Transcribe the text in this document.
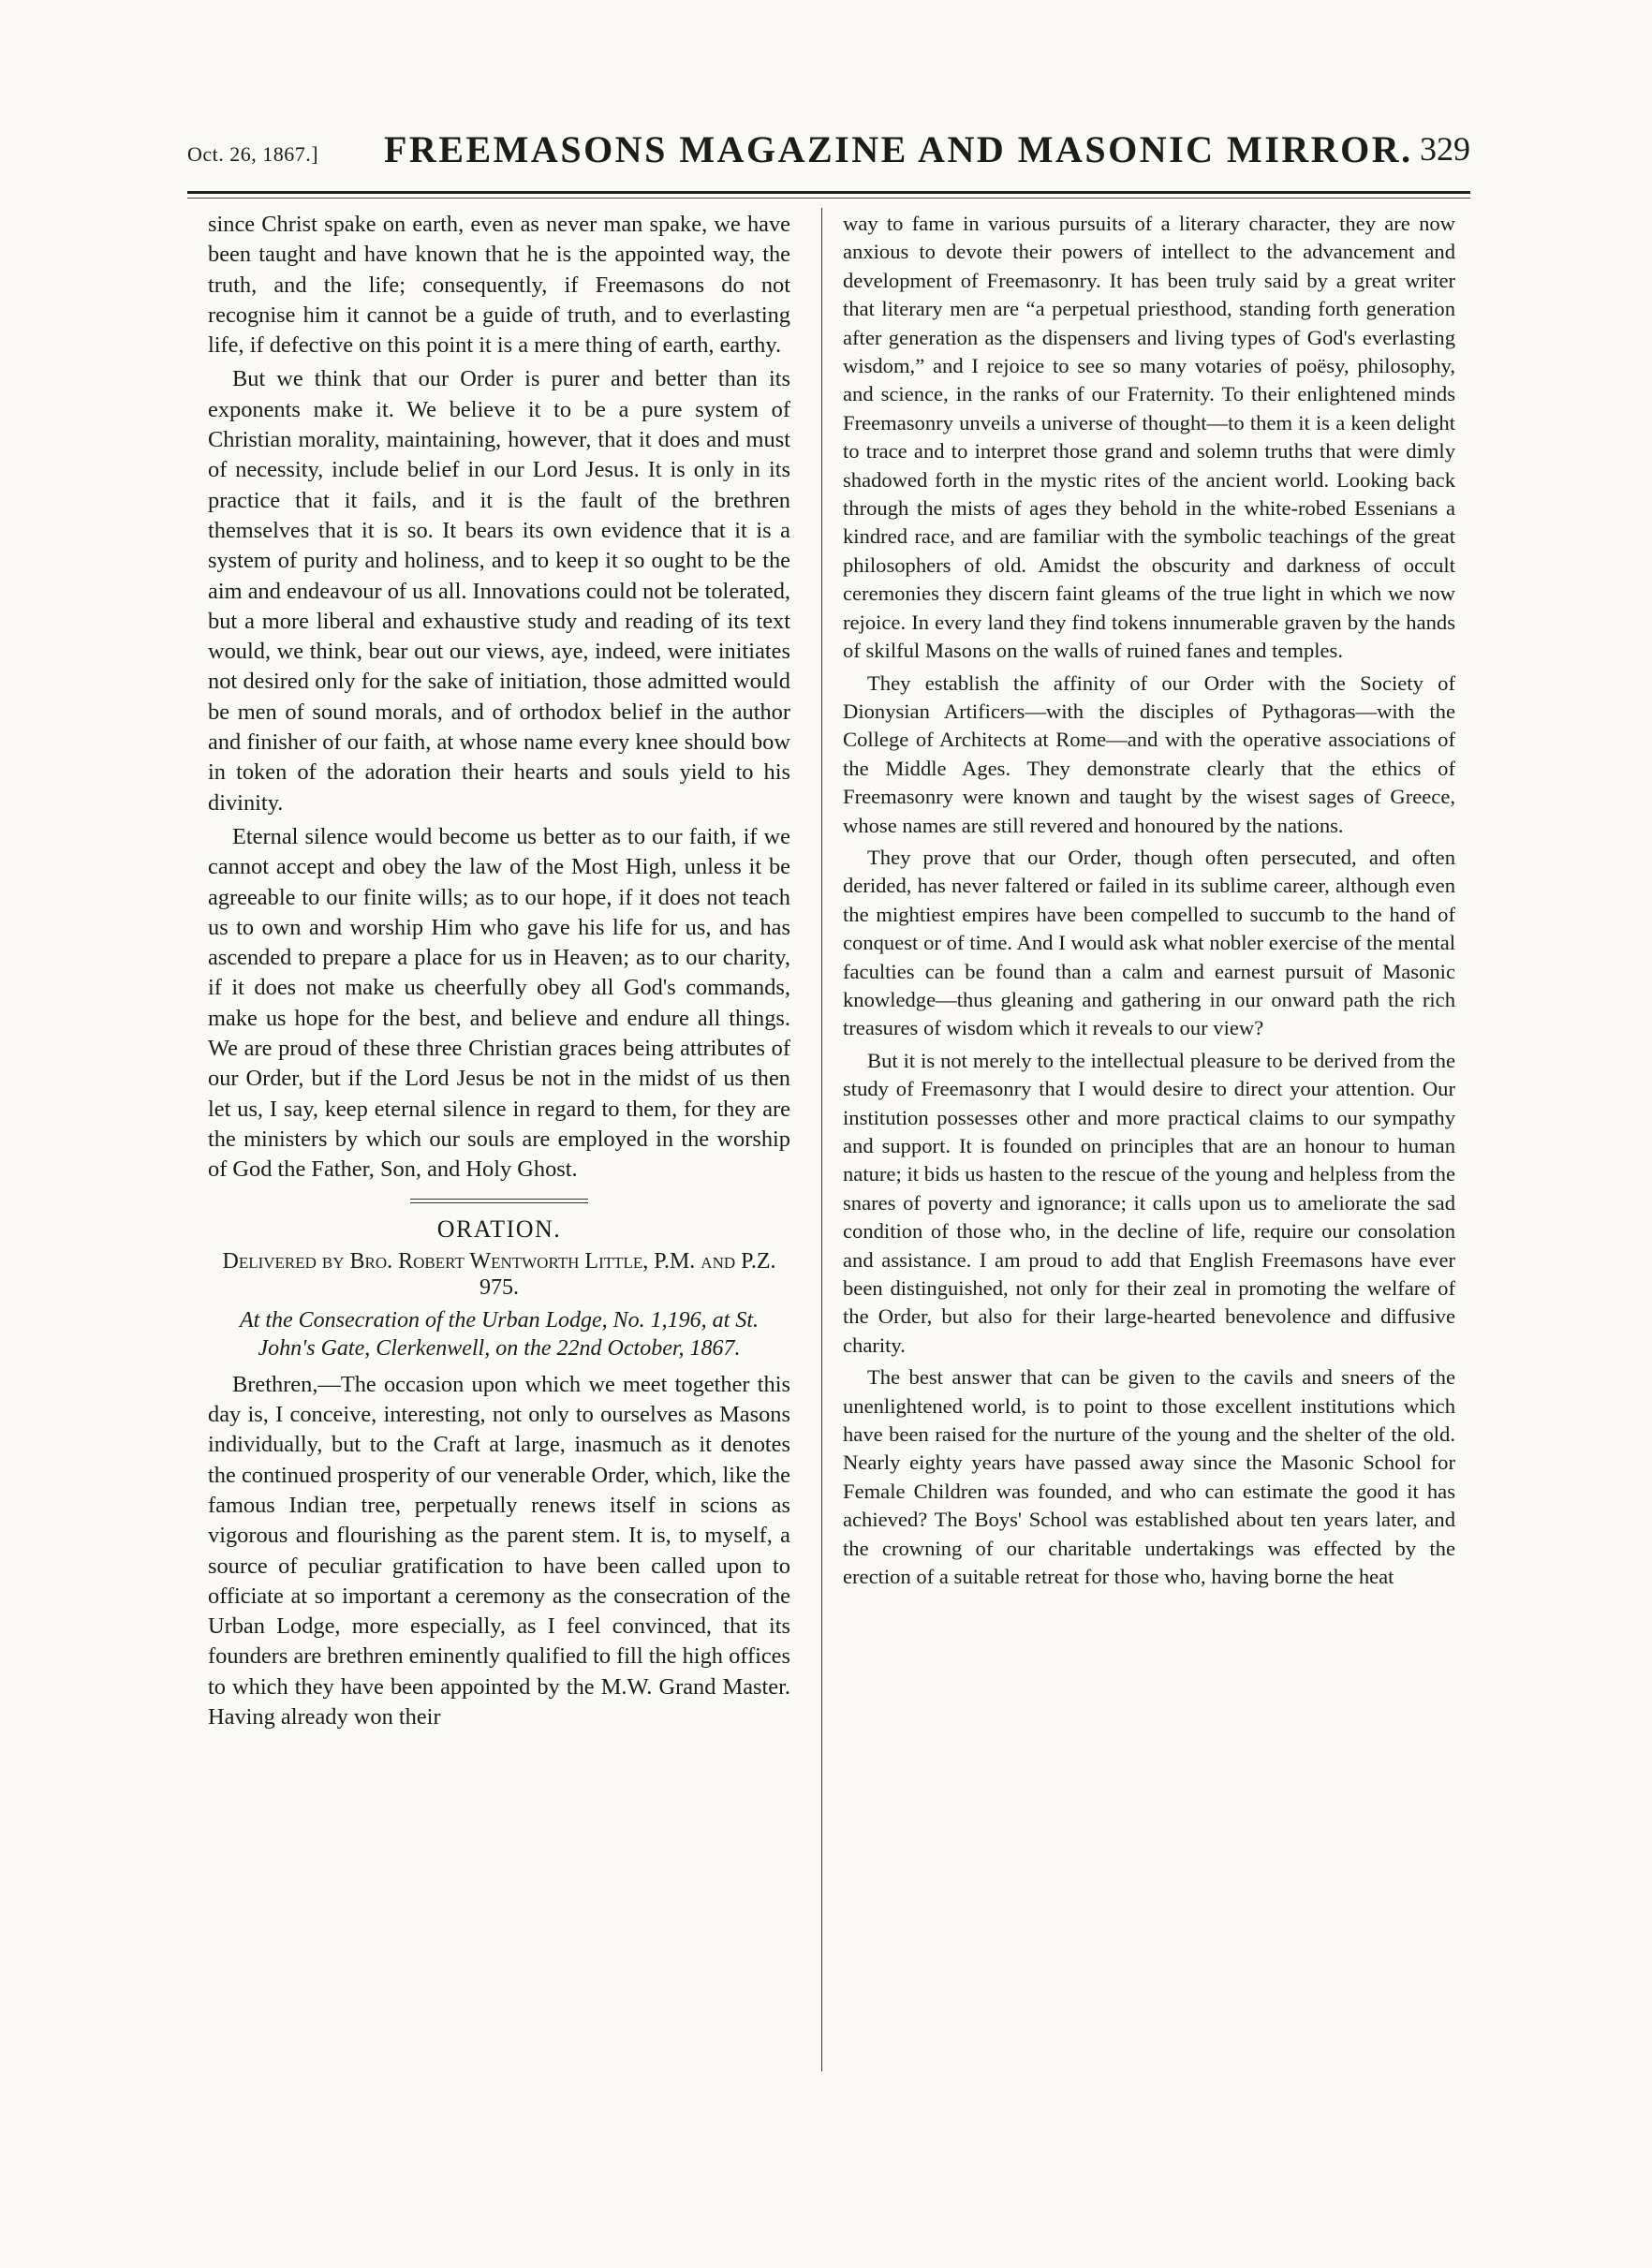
Oct. 26, 1867.] FREEMASONS MAGAZINE AND MASONIC MIRROR. 329

since Christ spake on earth, even as never man spake, we have been taught and have known that he is the appointed way, the truth, and the life; consequently, if Freemasons do not recognise him it cannot be a guide of truth, and to everlasting life, if defective on this point it is a mere thing of earth, earthy.

But we think that our Order is purer and better than its exponents make it. We believe it to be a pure system of Christian morality, maintaining, however, that it does and must of necessity, include belief in our Lord Jesus. It is only in its practice that it fails, and it is the fault of the brethren themselves that it is so. It bears its own evidence that it is a system of purity and holiness, and to keep it so ought to be the aim and endeavour of us all. Innovations could not be tolerated, but a more liberal and exhaustive study and reading of its text would, we think, bear out our views, aye, indeed, were initiates not desired only for the sake of initiation, those admitted would be men of sound morals, and of orthodox belief in the author and finisher of our faith, at whose name every knee should bow in token of the adoration their hearts and souls yield to his divinity.

Eternal silence would become us better as to our faith, if we cannot accept and obey the law of the Most High, unless it be agreeable to our finite wills; as to our hope, if it does not teach us to own and worship Him who gave his life for us, and has ascended to prepare a place for us in Heaven; as to our charity, if it does not make us cheerfully obey all God's commands, make us hope for the best, and believe and endure all things. We are proud of these three Christian graces being attributes of our Order, but if the Lord Jesus be not in the midst of us then let us, I say, keep eternal silence in regard to them, for they are the ministers by which our souls are employed in the worship of God the Father, Son, and Holy Ghost.

ORATION.
Delivered by Bro. Robert Wentworth Little, P.M. and P.Z. 975.
At the Consecration of the Urban Lodge, No. 1,196, at St. John's Gate, Clerkenwell, on the 22nd October, 1867.

Brethren,—The occasion upon which we meet together this day is, I conceive, interesting, not only to ourselves as Masons individually, but to the Craft at large, inasmuch as it denotes the continued prosperity of our venerable Order, which, like the famous Indian tree, perpetually renews itself in scions as vigorous and flourishing as the parent stem. It is, to myself, a source of peculiar gratification to have been called upon to officiate at so important a ceremony as the consecration of the Urban Lodge, more especially, as I feel convinced, that its founders are brethren eminently qualified to fill the high offices to which they have been appointed by the M.W. Grand Master. Having already won their

way to fame in various pursuits of a literary character, they are now anxious to devote their powers of intellect to the advancement and development of Freemasonry. It has been truly said by a great writer that literary men are “a perpetual priesthood, standing forth generation after generation as the dispensers and living types of God's everlasting wisdom,” and I rejoice to see so many votaries of poësy, philosophy, and science, in the ranks of our Fraternity. To their enlightened minds Freemasonry unveils a universe of thought—to them it is a keen delight to trace and to interpret those grand and solemn truths that were dimly shadowed forth in the mystic rites of the ancient world. Looking back through the mists of ages they behold in the white-robed Essenians a kindred race, and are familiar with the symbolic teachings of the great philosophers of old. Amidst the obscurity and darkness of occult ceremonies they discern faint gleams of the true light in which we now rejoice. In every land they find tokens innumerable graven by the hands of skilful Masons on the walls of ruined fanes and temples.

They establish the affinity of our Order with the Society of Dionysian Artificers—with the disciples of Pythagoras—with the College of Architects at Rome—and with the operative associations of the Middle Ages. They demonstrate clearly that the ethics of Freemasonry were known and taught by the wisest sages of Greece, whose names are still revered and honoured by the nations.

They prove that our Order, though often persecuted, and often derided, has never faltered or failed in its sublime career, although even the mightiest empires have been compelled to succumb to the hand of conquest or of time. And I would ask what nobler exercise of the mental faculties can be found than a calm and earnest pursuit of Masonic knowledge—thus gleaning and gathering in our onward path the rich treasures of wisdom which it reveals to our view?

But it is not merely to the intellectual pleasure to be derived from the study of Freemasonry that I would desire to direct your attention. Our institution possesses other and more practical claims to our sympathy and support. It is founded on principles that are an honour to human nature; it bids us hasten to the rescue of the young and helpless from the snares of poverty and ignorance; it calls upon us to ameliorate the sad condition of those who, in the decline of life, require our consolation and assistance. I am proud to add that English Freemasons have ever been distinguished, not only for their zeal in promoting the welfare of the Order, but also for their large-hearted benevolence and diffusive charity.

The best answer that can be given to the cavils and sneers of the unenlightened world, is to point to those excellent institutions which have been raised for the nurture of the young and the shelter of the old. Nearly eighty years have passed away since the Masonic School for Female Children was founded, and who can estimate the good it has achieved? The Boys' School was established about ten years later, and the crowning of our charitable undertakings was effected by the erection of a suitable retreat for those who, having borne the heat
